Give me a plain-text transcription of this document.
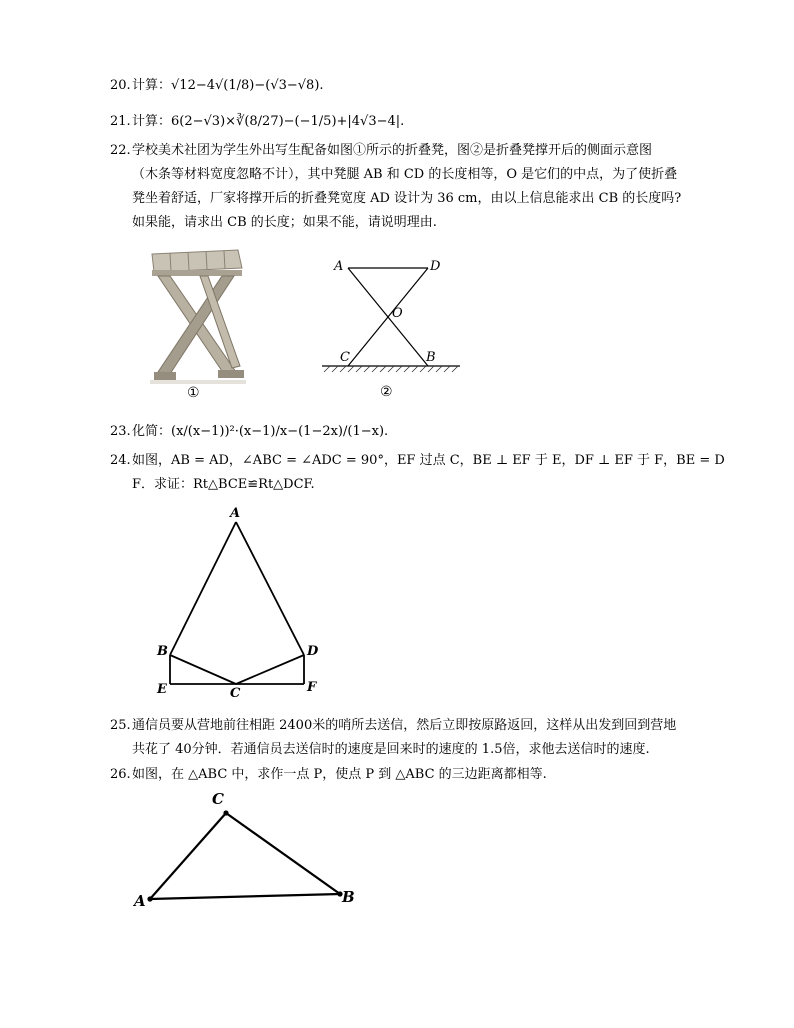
20. 计算：√12−4√(1/8)−(√3−√8).
21. 计算：6(2−√3)×∛(8/27)−(−1/5)+|4√3−4|.
22. 学校美术社团为学生外出写生配备如图①所示的折叠凳，图②是折叠凳撑开后的侧面示意图
（木条等材料宽度忽略不计），其中凳腿 AB 和 CD 的长度相等，O 是它们的中点，为了使折叠
凳坐着舒适，厂家将撑开后的折叠凳宽度 AD 设计为 36 cm，由以上信息能求出 CB 的长度吗?
如果能，请求出 CB 的长度；如果不能，请说明理由.
①
A	D
O
C	B
②
23. 化简：(x/(x−1))²·(x−1)/x−(1−2x)/(1−x).
24. 如图，AB = AD，∠ABC = ∠ADC = 90°，EF 过点 C，BE ⊥ EF 于 E，DF ⊥ EF 于 F，BE = D
F．求证：Rt△BCE≌Rt△DCF.
A
B	D
E	C	F
25. 通信员要从营地前往相距 2400米的哨所去送信，然后立即按原路返回，这样从出发到回到营地
共花了 40分钟．若通信员去送信时的速度是回来时的速度的 1.5倍，求他去送信时的速度.
26. 如图，在 △ABC 中，求作一点 P，使点 P 到 △ABC 的三边距离都相等.
C
A	B
